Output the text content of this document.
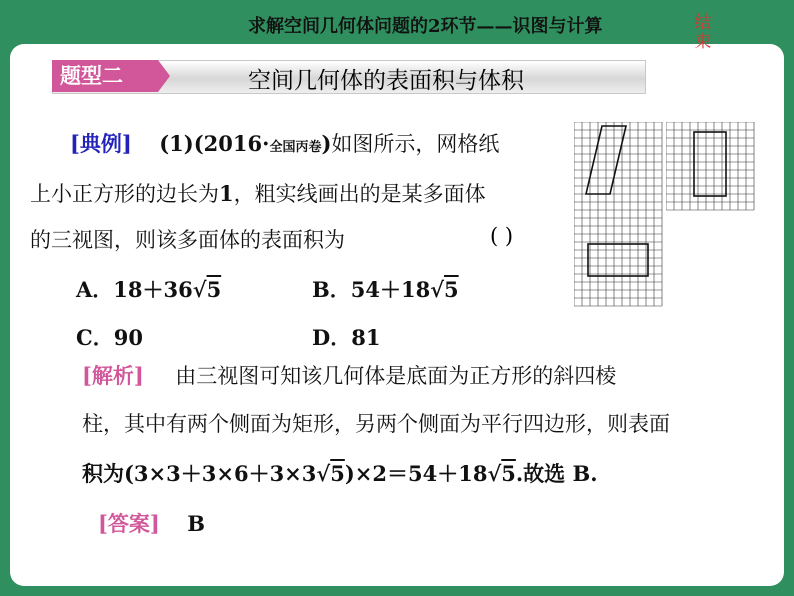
求解空间几何体问题的2环节——识图与计算	结束
题型二	空间几何体的表面积与体积
[典例] (1)(2016·全国丙卷)如图所示，网格纸
上小正方形的边长为1，粗实线画出的是某多面体
的三视图，则该多面体的表面积为	( )
A．18＋36√5	B．54＋18√5
C．90	D．81
[解析] 由三视图可知该几何体是底面为正方形的斜四棱
柱，其中有两个侧面为矩形，另两个侧面为平行四边形，则表面
积为(3×3＋3×6＋3×3√5)×2＝54＋18√5.故选 B.
[答案] B
